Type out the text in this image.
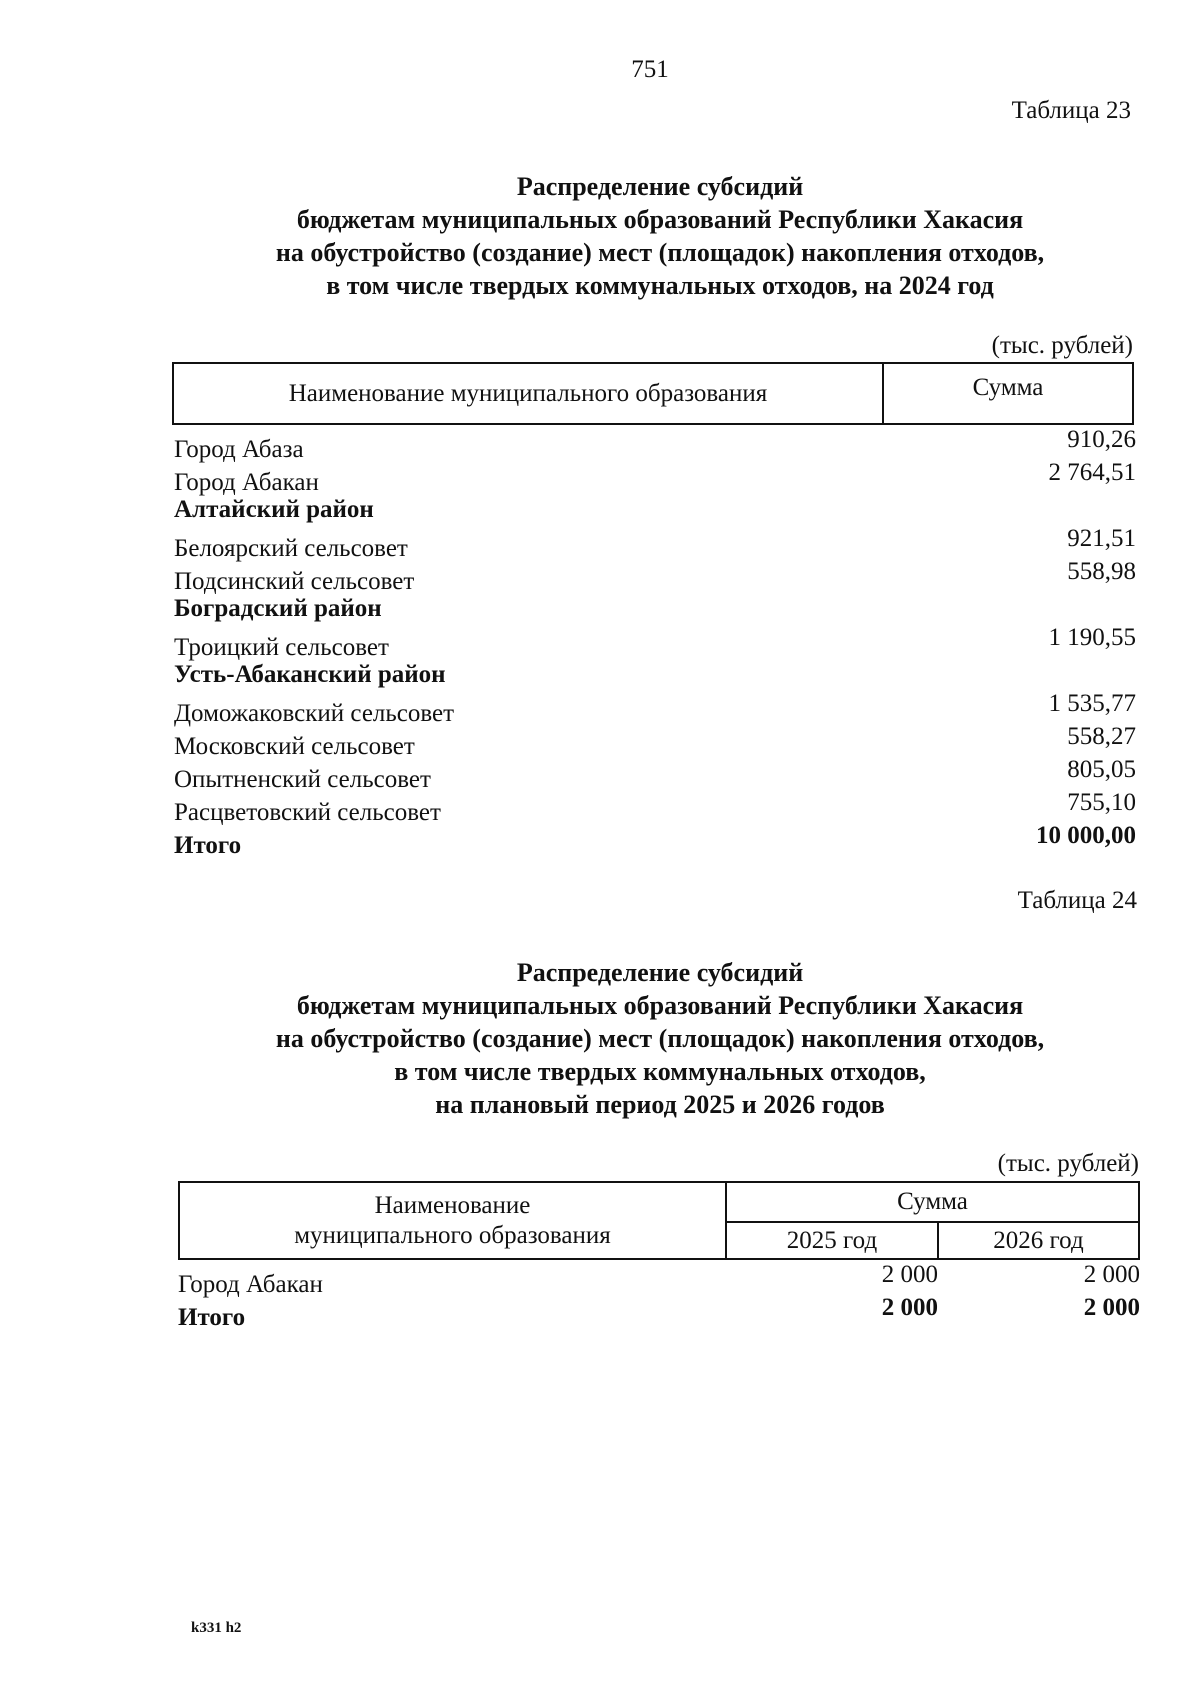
751
Таблица 23
Распределение субсидий
бюджетам муниципальных образований Республики Хакасия
на обустройство (создание) мест (площадок) накопления отходов,
в том числе твердых коммунальных отходов, на 2024 год
(тыс. рублей)
Наименование муниципального образования	Сумма
Город Абаза	910,26
Город Абакан	2 764,51
Алтайский район
Белоярский сельсовет	921,51
Подсинский сельсовет	558,98
Боградский район
Троицкий сельсовет	1 190,55
Усть-Абаканский район
Доможаковский сельсовет	1 535,77
Московский сельсовет	558,27
Опытненский сельсовет	805,05
Расцветовский сельсовет	755,10
Итого	10 000,00
Таблица 24
Распределение субсидий
бюджетам муниципальных образований Республики Хакасия
на обустройство (создание) мест (площадок) накопления отходов,
в том числе твердых коммунальных отходов,
на плановый период 2025 и 2026 годов
(тыс. рублей)
Наименование
муниципального образования
Сумма
2025 год	2026 год
Город Абакан	2 000	2 000
Итого	2 000	2 000
k331 h2
